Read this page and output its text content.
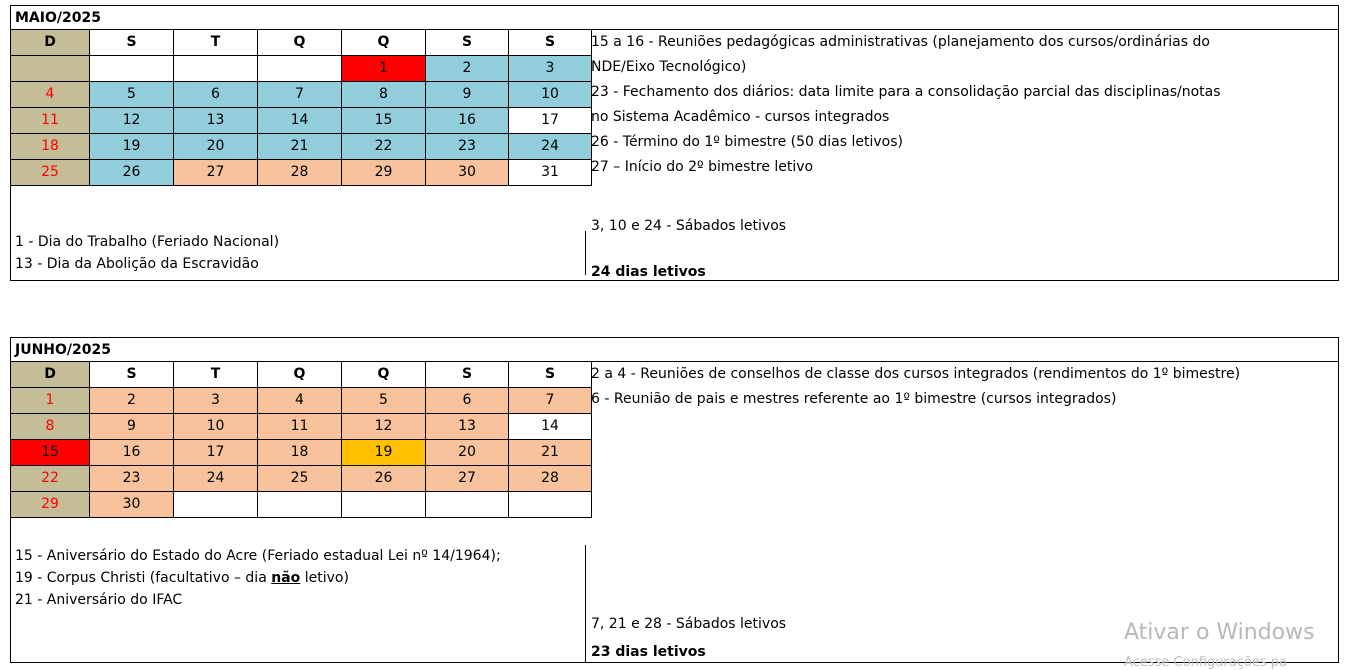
MAIO/2025
D	S	T	Q	Q	S	S
				1	2	3
4	5	6	7	8	9	10
11	12	13	14	15	16	17
18	19	20	21	22	23	24
25	26	27	28	29	30	31
1 - Dia do Trabalho (Feriado Nacional)
13 - Dia da Abolição da Escravidão
15 a 16 - Reuniões pedagógicas administrativas (planejamento dos cursos/ordinárias do
NDE/Eixo Tecnológico)
23 - Fechamento dos diários: data limite para a consolidação parcial das disciplinas/notas
no Sistema Acadêmico - cursos integrados
26 - Término do 1º bimestre (50 dias letivos)
27 – Início do 2º bimestre letivo
3, 10 e 24 - Sábados letivos
24 dias letivos
JUNHO/2025
D	S	T	Q	Q	S	S
1	2	3	4	5	6	7
8	9	10	11	12	13	14
15	16	17	18	19	20	21
22	23	24	25	26	27	28
29	30					
15 - Aniversário do Estado do Acre (Feriado estadual Lei nº 14/1964);
19 - Corpus Christi (facultativo – dia não letivo)
21 - Aniversário do IFAC
2 a 4 - Reuniões de conselhos de classe dos cursos integrados (rendimentos do 1º bimestre)
6 - Reunião de pais e mestres referente ao 1º bimestre (cursos integrados)
7, 21 e 28 - Sábados letivos
23 dias letivos
Ativar o Windows
Acesse Configurações pa
